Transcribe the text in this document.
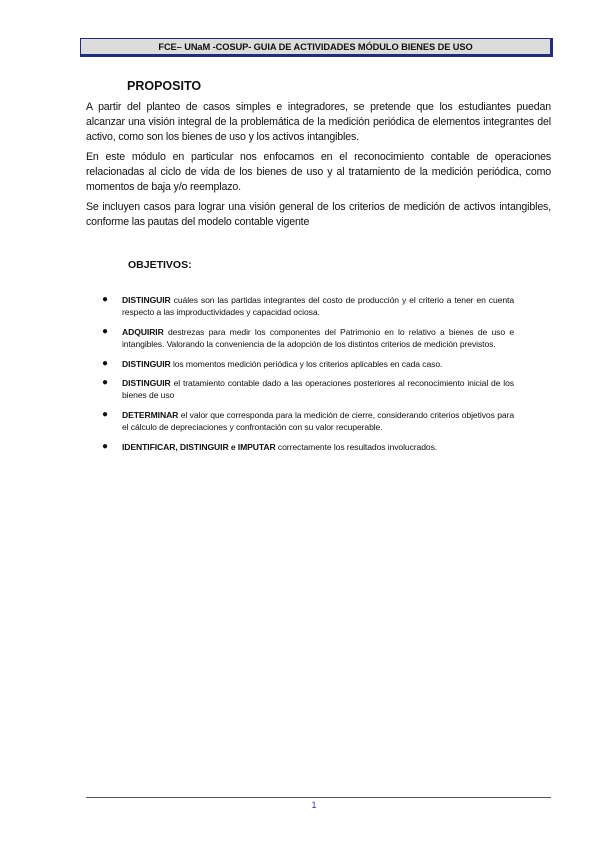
FCE– UNaM -COSUP- GUIA DE ACTIVIDADES MÓDULO BIENES DE USO
PROPOSITO

A partir del planteo de casos simples e integradores, se pretende que los estudiantes puedan alcanzar una visión integral de la problemática de la medición periódica de elementos integrantes del activo, como son los bienes de uso y los activos intangibles.

En este módulo en particular nos enfocamos en el reconocimiento contable de operaciones relacionadas al ciclo de vida de los bienes de uso y al tratamiento de la medición periódica, como momentos de baja y/o reemplazo.

Se incluyen casos para lograr una visión general de los criterios de medición de activos intangibles, conforme las pautas del modelo contable vigente

OBJETIVOS:
● DISTINGUIR cuáles son las partidas integrantes del costo de producción y el criterio a tener en cuenta respecto a las improductividades y capacidad ociosa.
● ADQUIRIR destrezas para medir los componentes del Patrimonio en lo relativo a bienes de uso e intangibles. Valorando la conveniencia de la adopción de los distintos criterios de medición previstos.
● DISTINGUIR los momentos medición periódica y los criterios aplicables en cada caso.
● DISTINGUIR el tratamiento contable dado a las operaciones posteriores al reconocimiento inicial de los bienes de uso
● DETERMINAR el valor que corresponda para la medición de cierre, considerando criterios objetivos para el cálculo de depreciaciones y confrontación con su valor recuperable.
● IDENTIFICAR, DISTINGUIR e IMPUTAR correctamente los resultados involucrados.
1
